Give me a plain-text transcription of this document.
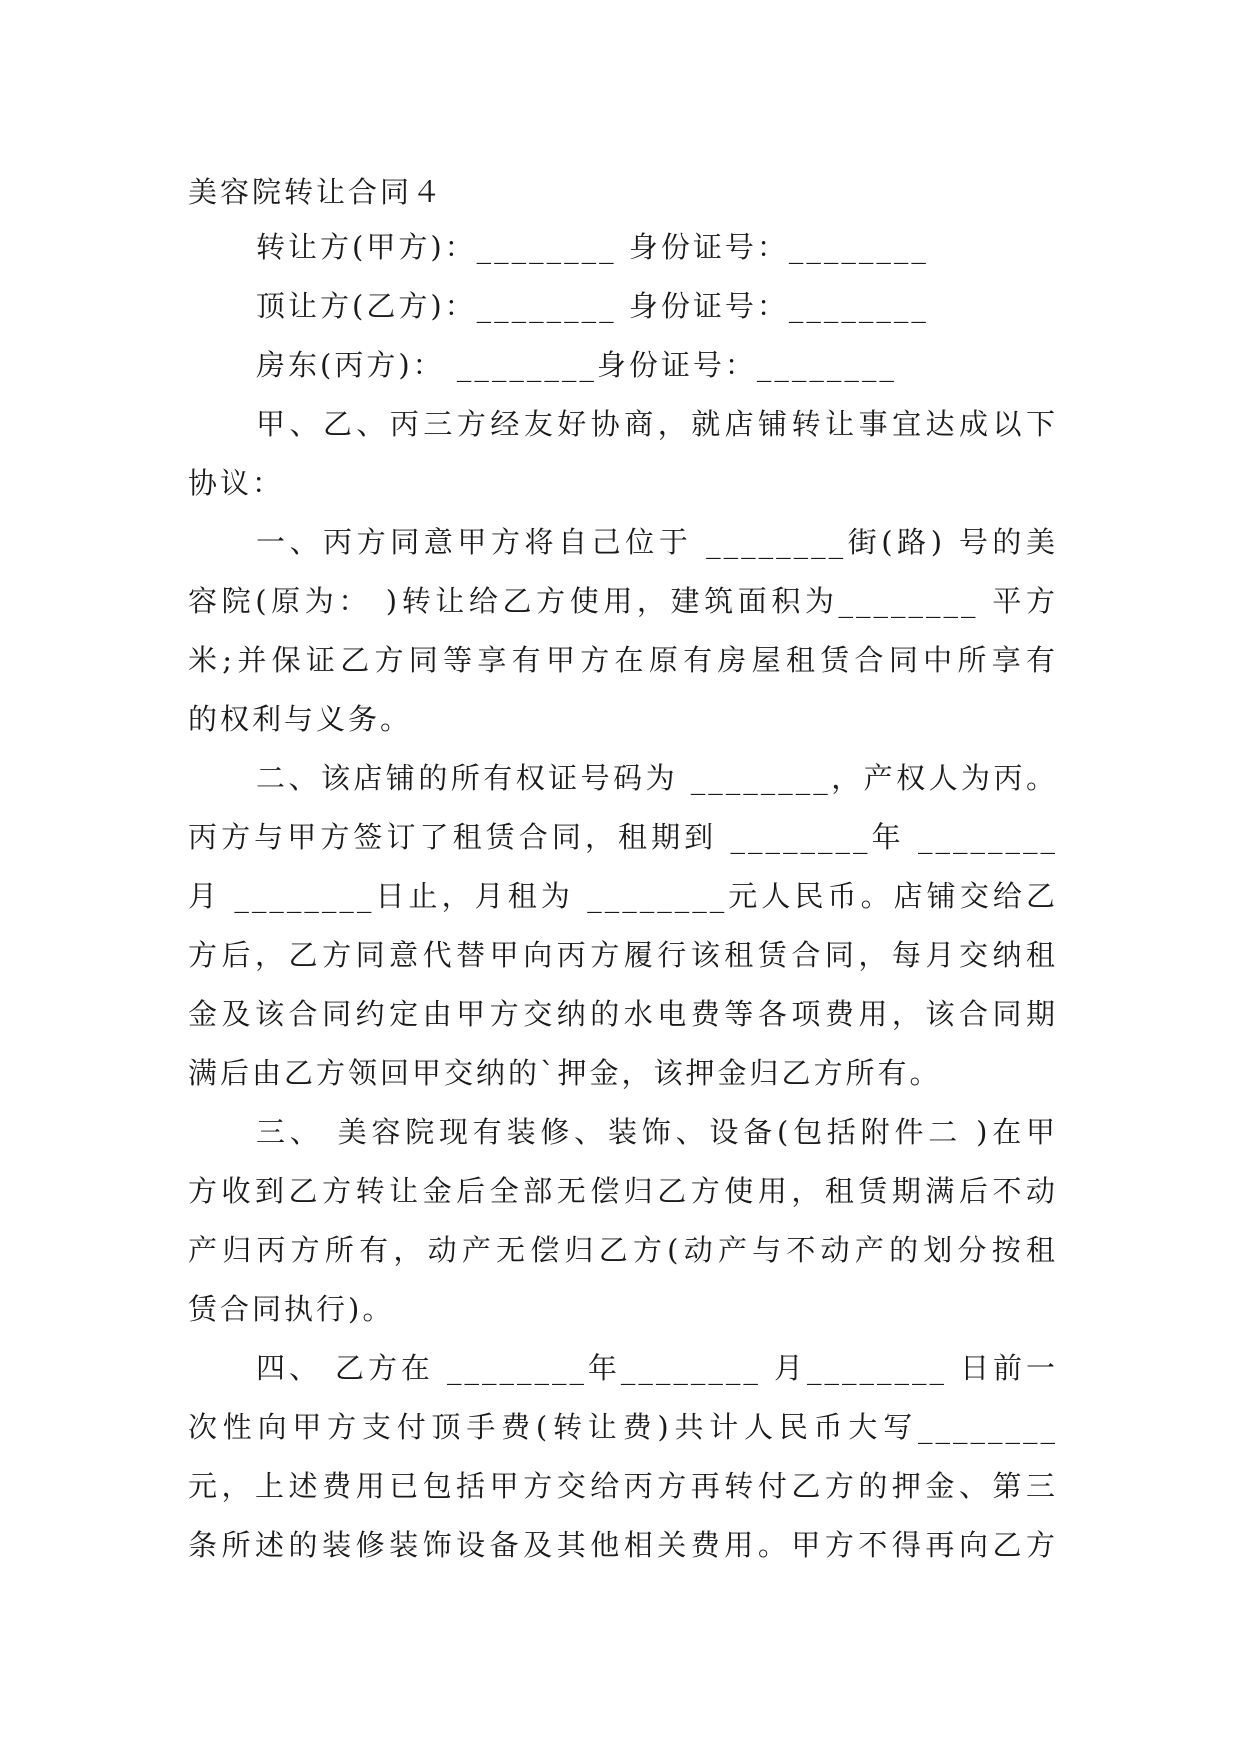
美容院转让合同４
转让方(甲方)：________ 身份证号：________
顶让方(乙方)：________ 身份证号：________
房东(丙方)： ________身份证号：________
甲、乙、丙三方经友好协商，就店铺转让事宜达成以下
协议：
一、丙方同意甲方将自己位于 ________街(路) 号的美
容院(原为： )转让给乙方使用，建筑面积为________ 平方
米;并保证乙方同等享有甲方在原有房屋租赁合同中所享有
的权利与义务。
二、该店铺的所有权证号码为 ________，产权人为丙。
丙方与甲方签订了租赁合同，租期到 ________年 ________
月 ________日止，月租为 ________元人民币。店铺交给乙
方后，乙方同意代替甲向丙方履行该租赁合同，每月交纳租
金及该合同约定由甲方交纳的水电费等各项费用，该合同期
满后由乙方领回甲交纳的`押金，该押金归乙方所有。
三、 美容院现有装修、装饰、设备(包括附件二 )在甲
方收到乙方转让金后全部无偿归乙方使用，租赁期满后不动
产归丙方所有，动产无偿归乙方(动产与不动产的划分按租
赁合同执行)。
四、 乙方在 ________年________ 月________ 日前一
次性向甲方支付顶手费(转让费)共计人民币大写________
元，上述费用已包括甲方交给丙方再转付乙方的押金、第三
条所述的装修装饰设备及其他相关费用。甲方不得再向乙方
